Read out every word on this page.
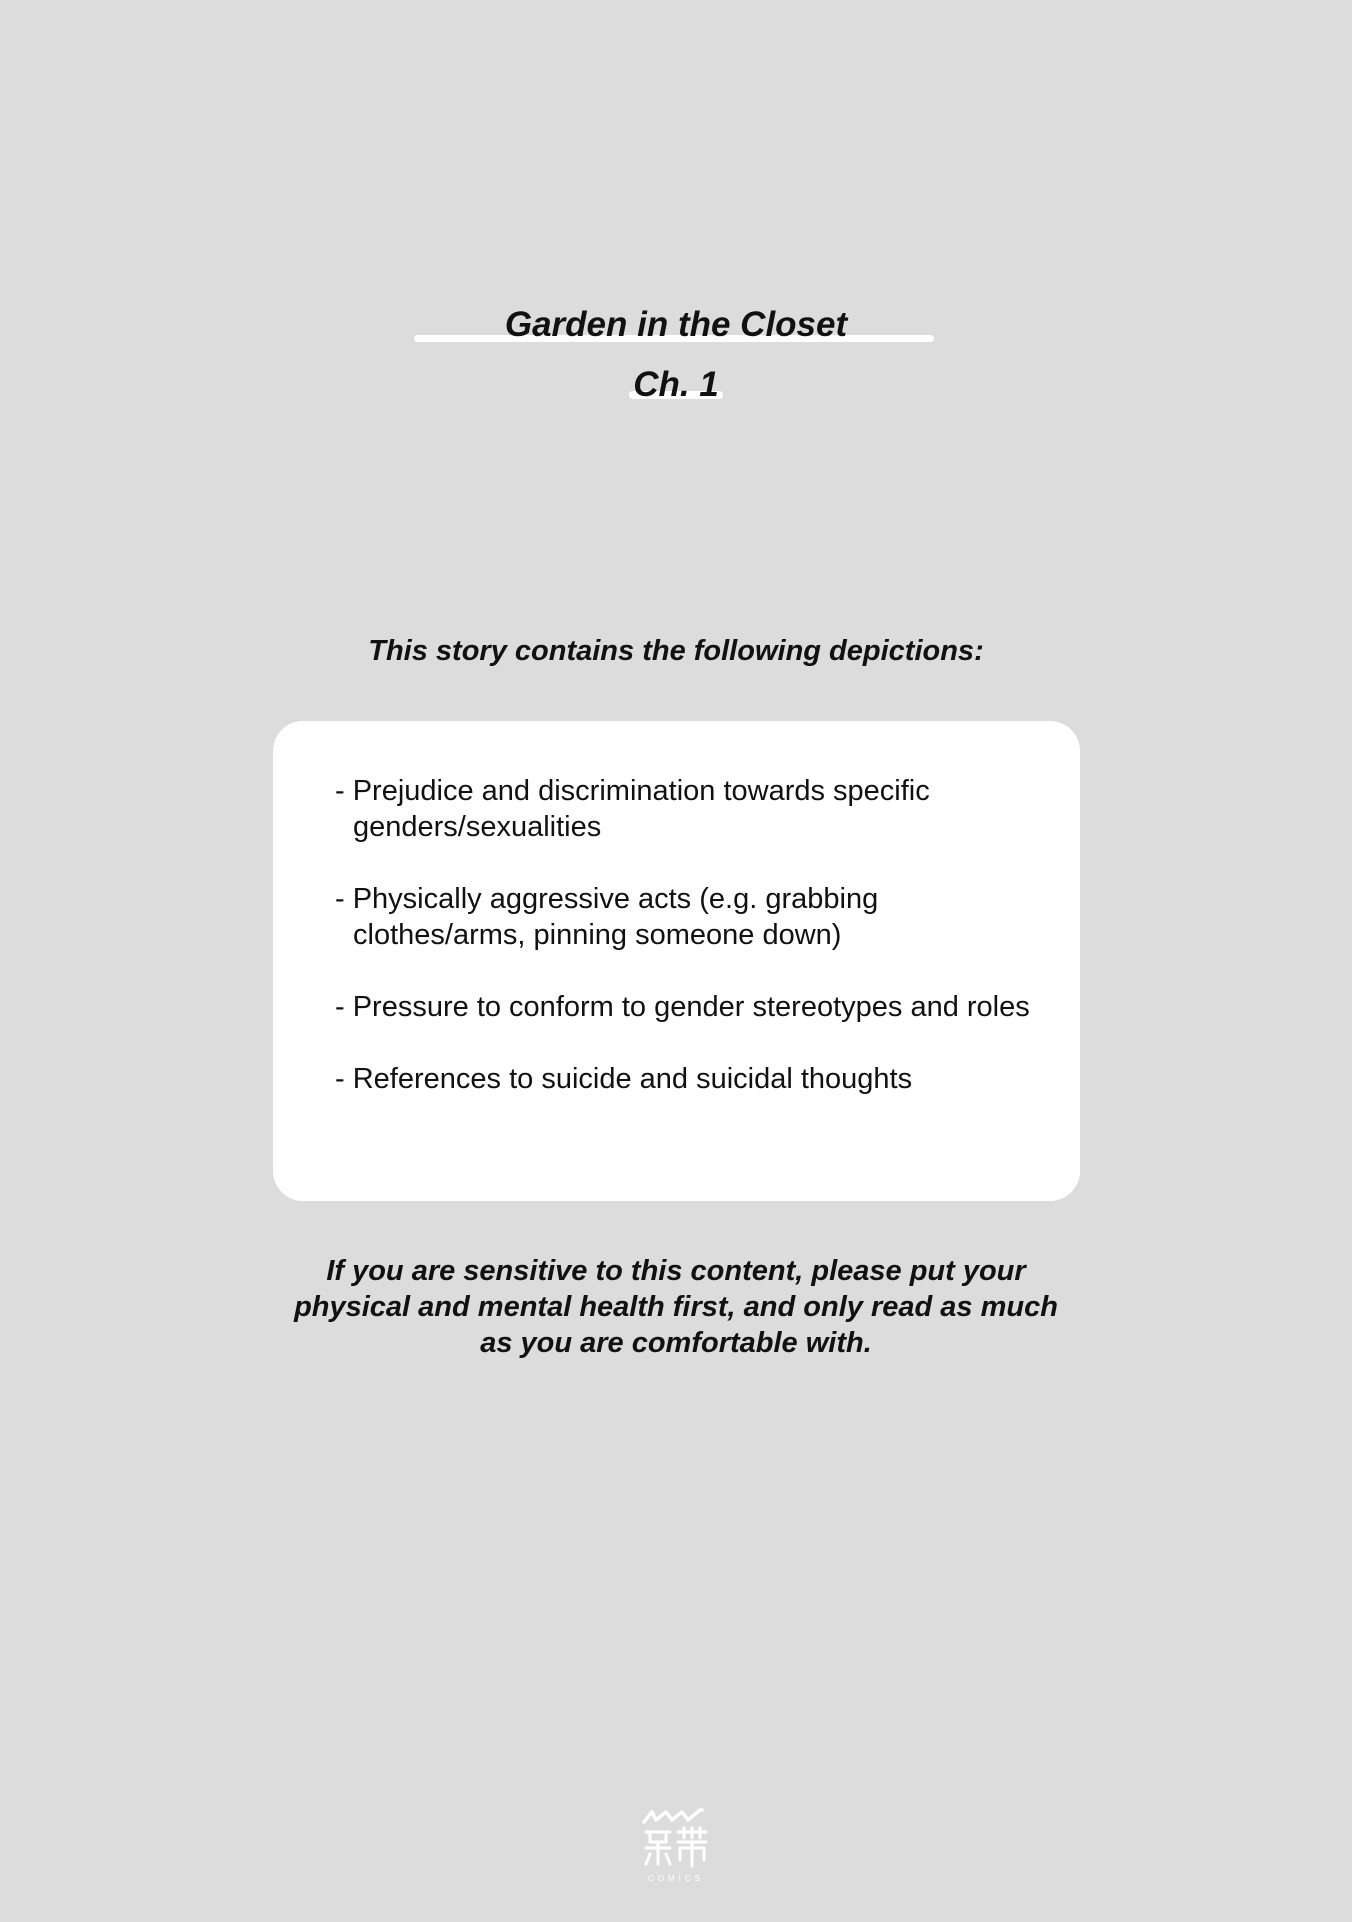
Garden in the Closet
Ch. 1
This story contains the following depictions:
- Prejudice and discrimination towards specific genders/sexualities
- Physically aggressive acts (e.g. grabbing clothes/arms, pinning someone down)
- Pressure to conform to gender stereotypes and roles
- References to suicide and suicidal thoughts
If you are sensitive to this content, please put your physical and mental health first, and only read as much as you are comfortable with.
COMICS
